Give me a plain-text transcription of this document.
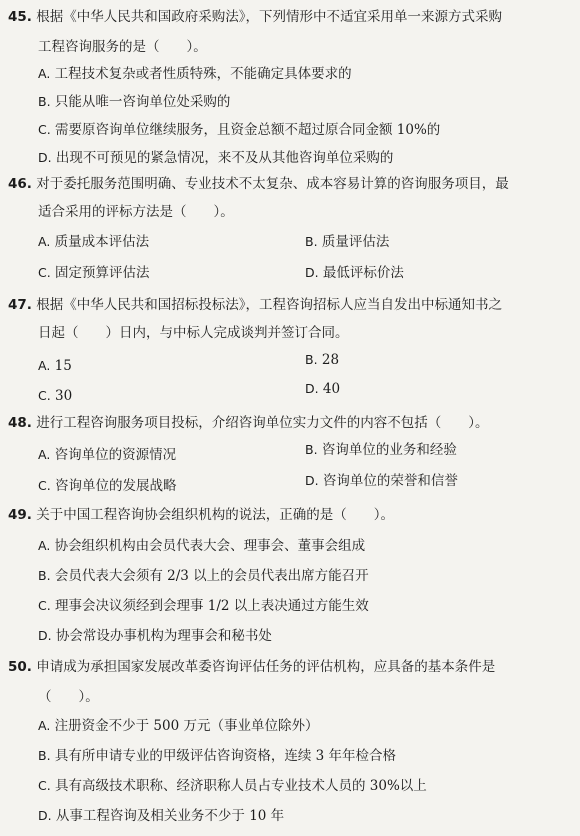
45. 根据《中华人民共和国政府采购法》，下列情形中不适宜采用单一来源方式采购
工程咨询服务的是（　　）。
A. 工程技术复杂或者性质特殊，不能确定具体要求的
B. 只能从唯一咨询单位处采购的
C. 需要原咨询单位继续服务，且资金总额不超过原合同金额 10%的
D. 出现不可预见的紧急情况，来不及从其他咨询单位采购的
46. 对于委托服务范围明确、专业技术不太复杂、成本容易计算的咨询服务项目，最
适合采用的评标方法是（　　）。
A. 质量成本评估法	B. 质量评估法
C. 固定预算评估法	D. 最低评标价法
47. 根据《中华人民共和国招标投标法》，工程咨询招标人应当自发出中标通知书之
日起（　　）日内，与中标人完成谈判并签订合同。
A. 15	B. 28
C. 30	D. 40
48. 进行工程咨询服务项目投标，介绍咨询单位实力文件的内容不包括（　　）。
A. 咨询单位的资源情况	B. 咨询单位的业务和经验
C. 咨询单位的发展战略	D. 咨询单位的荣誉和信誉
49. 关于中国工程咨询协会组织机构的说法，正确的是（　　）。
A. 协会组织机构由会员代表大会、理事会、董事会组成
B. 会员代表大会须有 2/3 以上的会员代表出席方能召开
C. 理事会决议须经到会理事 1/2 以上表决通过方能生效
D. 协会常设办事机构为理事会和秘书处
50. 申请成为承担国家发展改革委咨询评估任务的评估机构，应具备的基本条件是
（　　）。
A. 注册资金不少于 500 万元（事业单位除外）
B. 具有所申请专业的甲级评估咨询资格，连续 3 年年检合格
C. 具有高级技术职称、经济职称人员占专业技术人员的 30%以上
D. 从事工程咨询及相关业务不少于 10 年
